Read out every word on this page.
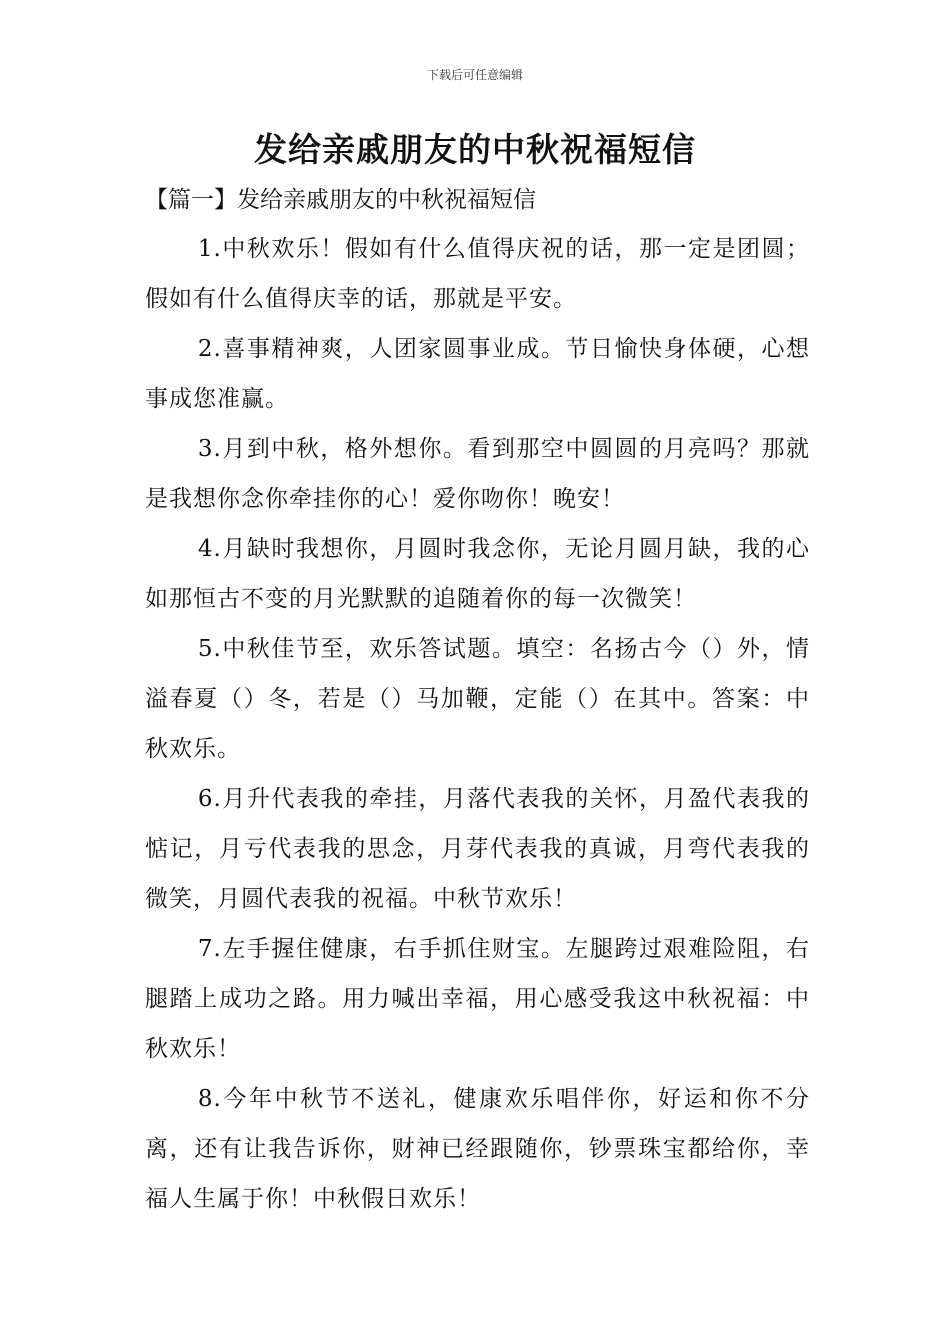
下载后可任意编辑
发给亲戚朋友的中秋祝福短信

【篇一】发给亲戚朋友的中秋祝福短信

1.中秋欢乐！假如有什么值得庆祝的话，那一定是团圆；假如有什么值得庆幸的话，那就是平安。

2.喜事精神爽，人团家圆事业成。节日愉快身体硬，心想事成您准赢。

3.月到中秋，格外想你。看到那空中圆圆的月亮吗？那就是我想你念你牵挂你的心！爱你吻你！晚安！

4.月缺时我想你，月圆时我念你，无论月圆月缺，我的心如那恒古不变的月光默默的追随着你的每一次微笑！

5.中秋佳节至，欢乐答试题。填空：名扬古今（）外，情溢春夏（）冬，若是（）马加鞭，定能（）在其中。答案：中秋欢乐。

6.月升代表我的牵挂，月落代表我的关怀，月盈代表我的惦记，月亏代表我的思念，月芽代表我的真诚，月弯代表我的微笑，月圆代表我的祝福。中秋节欢乐！

7.左手握住健康，右手抓住财宝。左腿跨过艰难险阻，右腿踏上成功之路。用力喊出幸福，用心感受我这中秋祝福：中秋欢乐！

8.今年中秋节不送礼，健康欢乐唱伴你，好运和你不分离，还有让我告诉你，财神已经跟随你，钞票珠宝都给你，幸福人生属于你！中秋假日欢乐！
